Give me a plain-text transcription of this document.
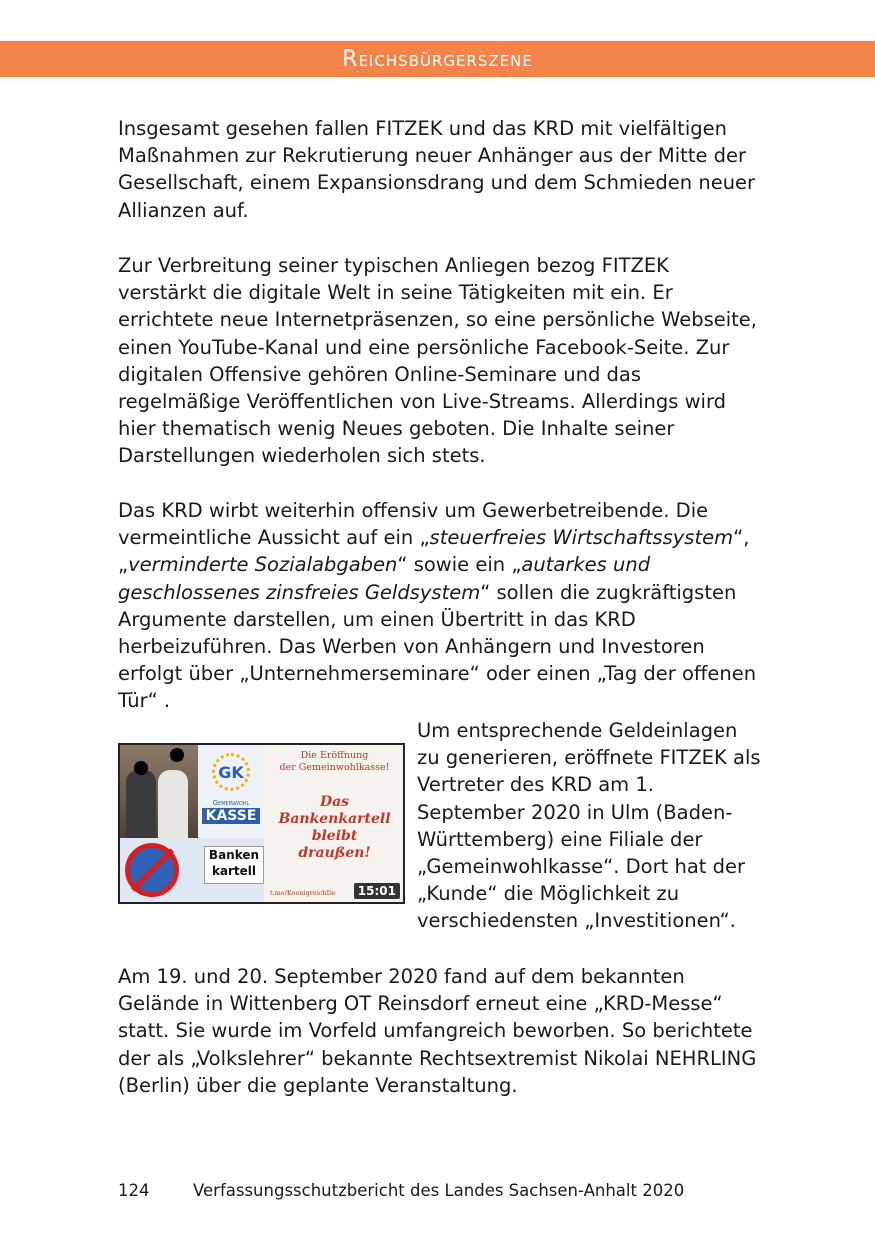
Reichsbürgerszene

Insgesamt gesehen fallen FITZEK und das KRD mit vielfältigen Maßnahmen zur Rekrutierung neuer Anhänger aus der Mitte der Gesellschaft, einem Expansionsdrang und dem Schmieden neuer Allianzen auf.

Zur Verbreitung seiner typischen Anliegen bezog FITZEK verstärkt die digitale Welt in seine Tätigkeiten mit ein. Er errichtete neue Internetpräsenzen, so eine persönliche Webseite, einen YouTube-Kanal und eine persönliche Facebook-Seite. Zur digitalen Offensive gehören Online-Seminare und das regelmäßige Veröffentlichen von Live-Streams. Allerdings wird hier thematisch wenig Neues geboten. Die Inhalte seiner Darstellungen wiederholen sich stets.

Das KRD wirbt weiterhin offensiv um Gewerbetreibende. Die vermeintliche Aussicht auf ein „steuerfreies Wirtschaftssystem“, „verminderte Sozialabgaben“ sowie ein „autarkes und geschlossenes zinsfreies Geldsystem“ sollen die zugkräftigsten Argumente darstellen, um einen Übertritt in das KRD herbeizuführen. Das Werben von Anhängern und Investoren erfolgt über „Unternehmerseminare“ oder einen „Tag der offenen Tür“ .

GK
Gemeinwohl
KASSE
Banken
kartell
Die Eröffnung
der Gemeinwohlkasse!
Das
Bankenkartell
bleibt
draußen!
t.me/KoenigreichDe	15:01

Um entsprechende Geldeinlagen zu generieren, eröffnete FITZEK als Vertreter des KRD am 1. September 2020 in Ulm (Baden-Württemberg) eine Filiale der „Gemeinwohlkasse“. Dort hat der „Kunde“ die Möglichkeit zu verschiedensten „Investitionen“.

Am 19. und 20. September 2020 fand auf dem bekannten Gelände in Wittenberg OT Reinsdorf erneut eine „KRD-Messe“ statt. Sie wurde im Vorfeld umfangreich beworben. So berichtete der als „Volkslehrer“ bekannte Rechtsextremist Nikolai NEHRLING (Berlin) über die geplante Veranstaltung.

124	Verfassungsschutzbericht des Landes Sachsen-Anhalt 2020
